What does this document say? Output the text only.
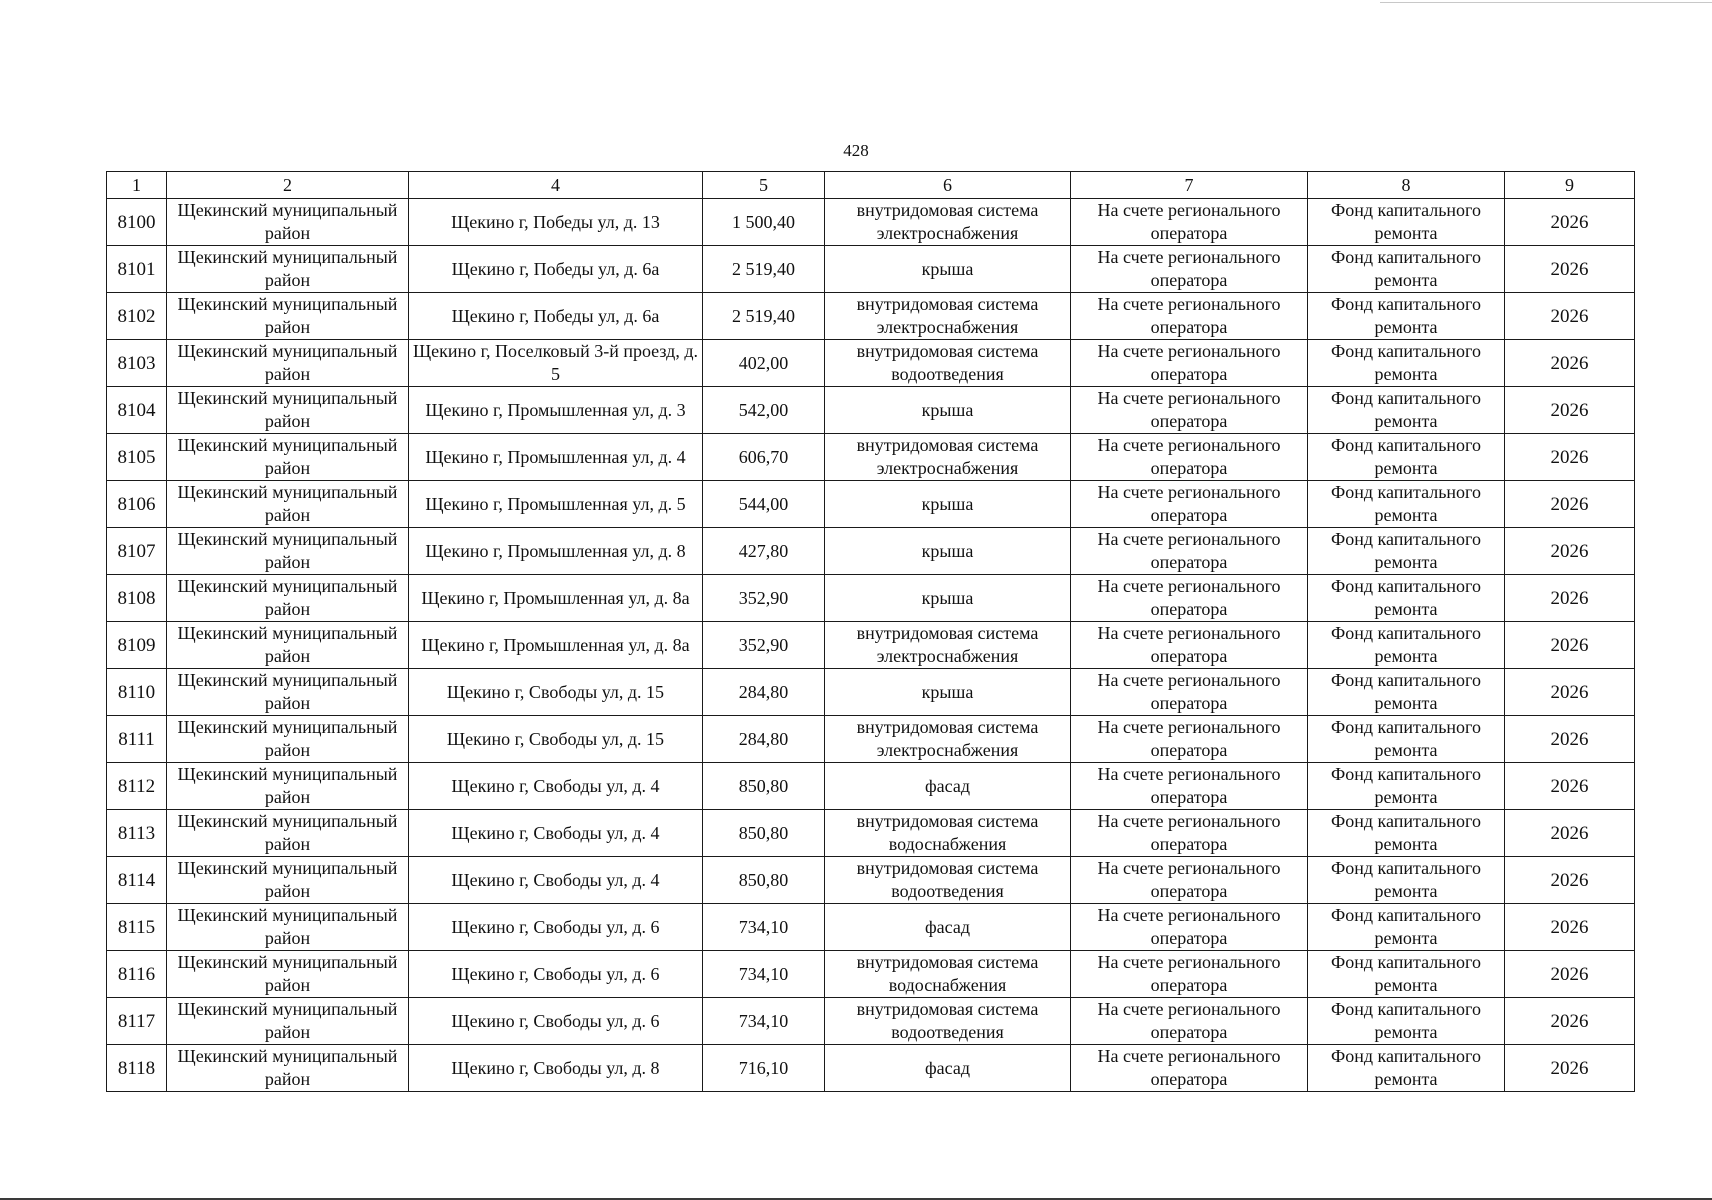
428
1	2	4	5	6	7	8	9
8100	Щекинский муниципальный район	Щекино г, Победы ул, д. 13	1 500,40	внутридомовая система электроснабжения	На счете регионального оператора	Фонд капитального ремонта	2026
8101	Щекинский муниципальный район	Щекино г, Победы ул, д. 6а	2 519,40	крыша	На счете регионального оператора	Фонд капитального ремонта	2026
8102	Щекинский муниципальный район	Щекино г, Победы ул, д. 6а	2 519,40	внутридомовая система электроснабжения	На счете регионального оператора	Фонд капитального ремонта	2026
8103	Щекинский муниципальный район	Щекино г, Поселковый 3-й проезд, д. 5	402,00	внутридомовая система водоотведения	На счете регионального оператора	Фонд капитального ремонта	2026
8104	Щекинский муниципальный район	Щекино г, Промышленная ул, д. 3	542,00	крыша	На счете регионального оператора	Фонд капитального ремонта	2026
8105	Щекинский муниципальный район	Щекино г, Промышленная ул, д. 4	606,70	внутридомовая система электроснабжения	На счете регионального оператора	Фонд капитального ремонта	2026
8106	Щекинский муниципальный район	Щекино г, Промышленная ул, д. 5	544,00	крыша	На счете регионального оператора	Фонд капитального ремонта	2026
8107	Щекинский муниципальный район	Щекино г, Промышленная ул, д. 8	427,80	крыша	На счете регионального оператора	Фонд капитального ремонта	2026
8108	Щекинский муниципальный район	Щекино г, Промышленная ул, д. 8а	352,90	крыша	На счете регионального оператора	Фонд капитального ремонта	2026
8109	Щекинский муниципальный район	Щекино г, Промышленная ул, д. 8а	352,90	внутридомовая система электроснабжения	На счете регионального оператора	Фонд капитального ремонта	2026
8110	Щекинский муниципальный район	Щекино г, Свободы ул, д. 15	284,80	крыша	На счете регионального оператора	Фонд капитального ремонта	2026
8111	Щекинский муниципальный район	Щекино г, Свободы ул, д. 15	284,80	внутридомовая система электроснабжения	На счете регионального оператора	Фонд капитального ремонта	2026
8112	Щекинский муниципальный район	Щекино г, Свободы ул, д. 4	850,80	фасад	На счете регионального оператора	Фонд капитального ремонта	2026
8113	Щекинский муниципальный район	Щекино г, Свободы ул, д. 4	850,80	внутридомовая система водоснабжения	На счете регионального оператора	Фонд капитального ремонта	2026
8114	Щекинский муниципальный район	Щекино г, Свободы ул, д. 4	850,80	внутридомовая система водоотведения	На счете регионального оператора	Фонд капитального ремонта	2026
8115	Щекинский муниципальный район	Щекино г, Свободы ул, д. 6	734,10	фасад	На счете регионального оператора	Фонд капитального ремонта	2026
8116	Щекинский муниципальный район	Щекино г, Свободы ул, д. 6	734,10	внутридомовая система водоснабжения	На счете регионального оператора	Фонд капитального ремонта	2026
8117	Щекинский муниципальный район	Щекино г, Свободы ул, д. 6	734,10	внутридомовая система водоотведения	На счете регионального оператора	Фонд капитального ремонта	2026
8118	Щекинский муниципальный район	Щекино г, Свободы ул, д. 8	716,10	фасад	На счете регионального оператора	Фонд капитального ремонта	2026
